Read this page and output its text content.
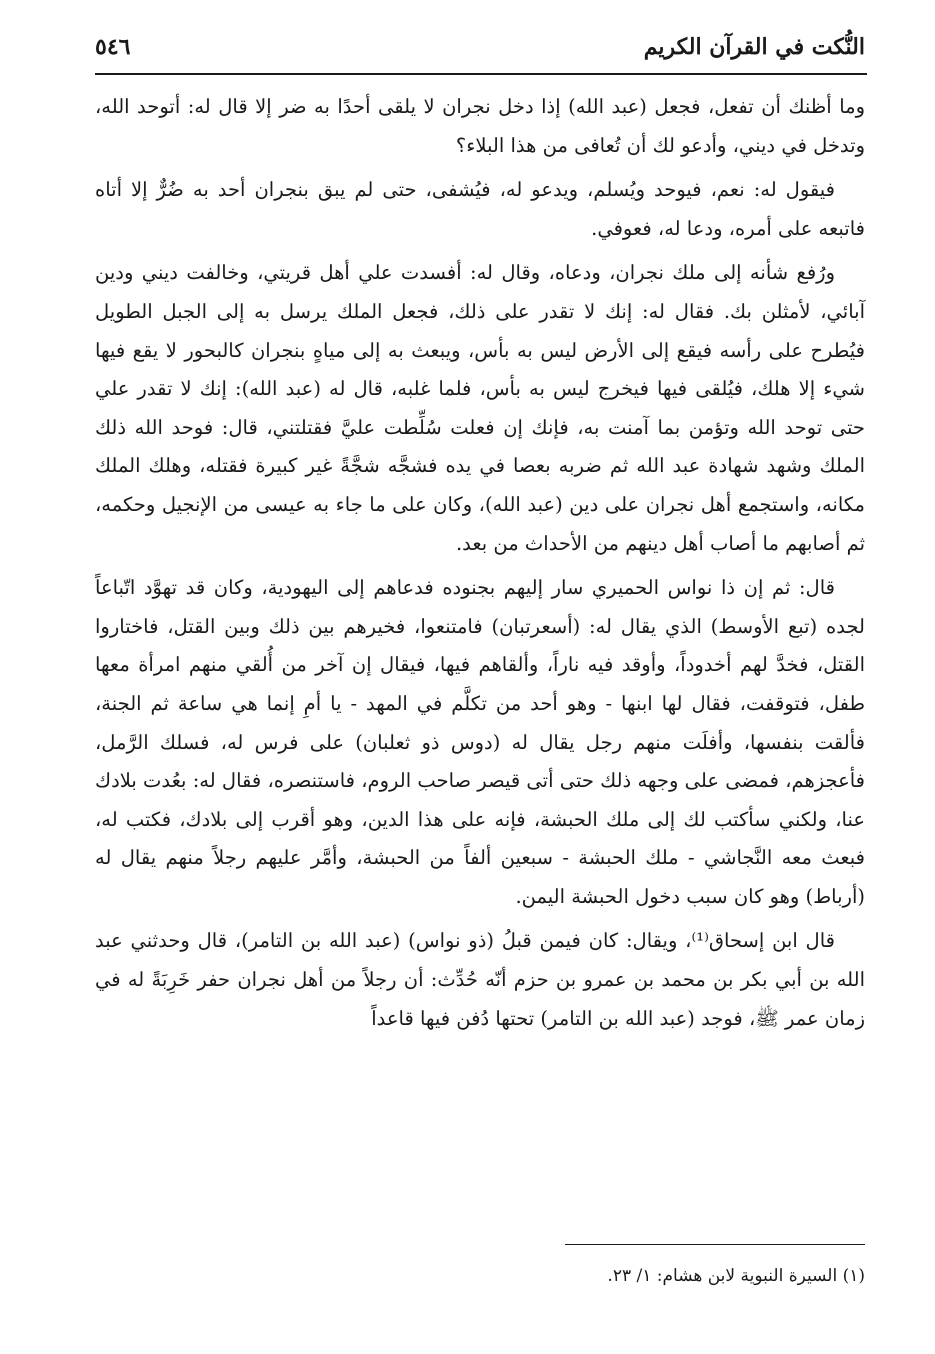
النُّكت في القرآن الكريم
٥٤٦

وما أظنك أن تفعل، فجعل (عبد الله) إذا دخل نجران لا يلقى أحدًا به ضر إلا قال له: أتوحد الله، وتدخل في ديني، وأدعو لك أن تُعافى من هذا البلاء؟

فيقول له: نعم، فيوحد ويُسلم، ويدعو له، فيُشفى، حتى لم يبق بنجران أحد به ضُرٌّ إلا أتاه فاتبعه على أمره، ودعا له، فعوفي.

ورُفع شأنه إلى ملك نجران، ودعاه، وقال له: أفسدت علي أهل قريتي، وخالفت ديني ودين آبائي، لأمثلن بك. فقال له: إنك لا تقدر على ذلك، فجعل الملك يرسل به إلى الجبل الطويل فيُطرح على رأسه فيقع إلى الأرض ليس به بأس، ويبعث به إلى مياهٍ بنجران كالبحور لا يقع فيها شيء إلا هلك، فيُلقى فيها فيخرج ليس به بأس، فلما غلبه، قال له (عبد الله): إنك لا تقدر علي حتى توحد الله وتؤمن بما آمنت به، فإنك إن فعلت سُلِّطت عليَّ فقتلتني، قال: فوحد الله ذلك الملك وشهد شهادة عبد الله ثم ضربه بعصا في يده فشجَّه شجَّةً غير كبيرة فقتله، وهلك الملك مكانه، واستجمع أهل نجران على دين (عبد الله)، وكان على ما جاء به عيسى من الإنجيل وحكمه، ثم أصابهم ما أصاب أهل دينهم من الأحداث من بعد.

قال: ثم إن ذا نواس الحميري سار إليهم بجنوده فدعاهم إلى اليهودية، وكان قد تهوَّد اتّباعاً لجده (تبع الأوسط) الذي يقال له: (أسعرتبان) فامتنعوا، فخيرهم بين ذلك وبين القتل، فاختاروا القتل، فخدَّ لهم أخدوداً، وأوقد فيه ناراً، وألقاهم فيها، فيقال إن آخر من أُلقي منهم امرأة معها طفل، فتوقفت، فقال لها ابنها - وهو أحد من تكلَّم في المهد - يا أمِ إنما هي ساعة ثم الجنة، فألقت بنفسها، وأفلَت منهم رجل يقال له (دوس ذو ثعلبان) على فرس له، فسلك الرَّمل، فأعجزهم، فمضى على وجهه ذلك حتى أتى قيصر صاحب الروم، فاستنصره، فقال له: بعُدت بلادك عنا، ولكني سأكتب لك إلى ملك الحبشة، فإنه على هذا الدين، وهو أقرب إلى بلادك، فكتب له، فبعث معه النَّجاشي - ملك الحبشة - سبعين ألفاً من الحبشة، وأمَّر عليهم رجلاً منهم يقال له (أرباط) وهو كان سبب دخول الحبشة اليمن.

قال ابن إسحاق⁽¹⁾، ويقال: كان فيمن قبلُ (ذو نواس) (عبد الله بن التامر)، قال وحدثني عبد الله بن أبي بكر بن محمد بن عمرو بن حزم أنّه حُدِّث: أن رجلاً من أهل نجران حفر خَرِبَةً له في زمان عمر ﷺ، فوجد (عبد الله بن التامر) تحتها دُفن فيها قاعداً

(١) السيرة النبوية لابن هشام: ١/ ٢٣.
